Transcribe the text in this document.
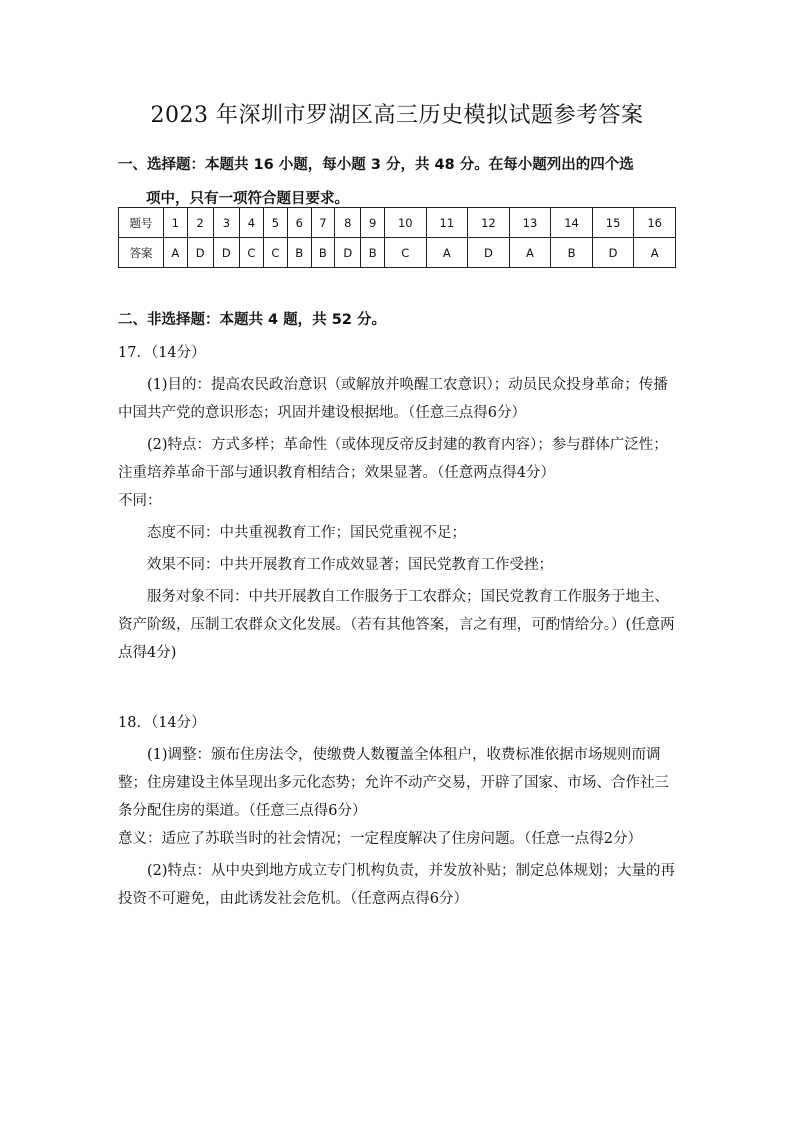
2023 年深圳市罗湖区高三历史模拟试题参考答案
一、选择题：本题共 16 小题，每小题 3 分，共 48 分。在每小题列出的四个选
项中，只有一项符合题目要求。
题号	1	2	3	4	5	6	7	8	9	10	11	12	13	14	15	16
答案	A	D	D	C	C	B	B	D	B	C	A	D	A	B	D	A
二、非选择题：本题共 4 题，共 52 分。

17．（14分）

(1)目的：提高农民政治意识（或解放并唤醒工农意识）；动员民众投身革命；传播中国共产党的意识形态；巩固并建设根据地。（任意三点得6分）

(2)特点：方式多样；革命性（或体现反帝反封建的教育内容）；参与群体广泛性；注重培养革命干部与通识教育相结合；效果显著。（任意两点得4分）

不同：

态度不同：中共重视教育工作；国民党重视不足；

效果不同：中共开展教育工作成效显著；国民党教育工作受挫；

服务对象不同：中共开展教自工作服务于工农群众；国民党教育工作服务于地主、资产阶级，压制工农群众文化发展。（若有其他答案，言之有理，可酌情给分。）(任意两点得4分)

18．（14分）

(1)调整：颁布住房法令，使缴费人数覆盖全体租户，收费标准依据市场规则而调整；住房建设主体呈现出多元化态势；允许不动产交易，开辟了国家、市场、合作社三条分配住房的渠道。（任意三点得6分）

意义：适应了苏联当时的社会情况；一定程度解决了住房问题。（任意一点得2分）

(2)特点：从中央到地方成立专门机构负责，并发放补贴；制定总体规划；大量的再投资不可避免，由此诱发社会危机。（任意两点得6分）
